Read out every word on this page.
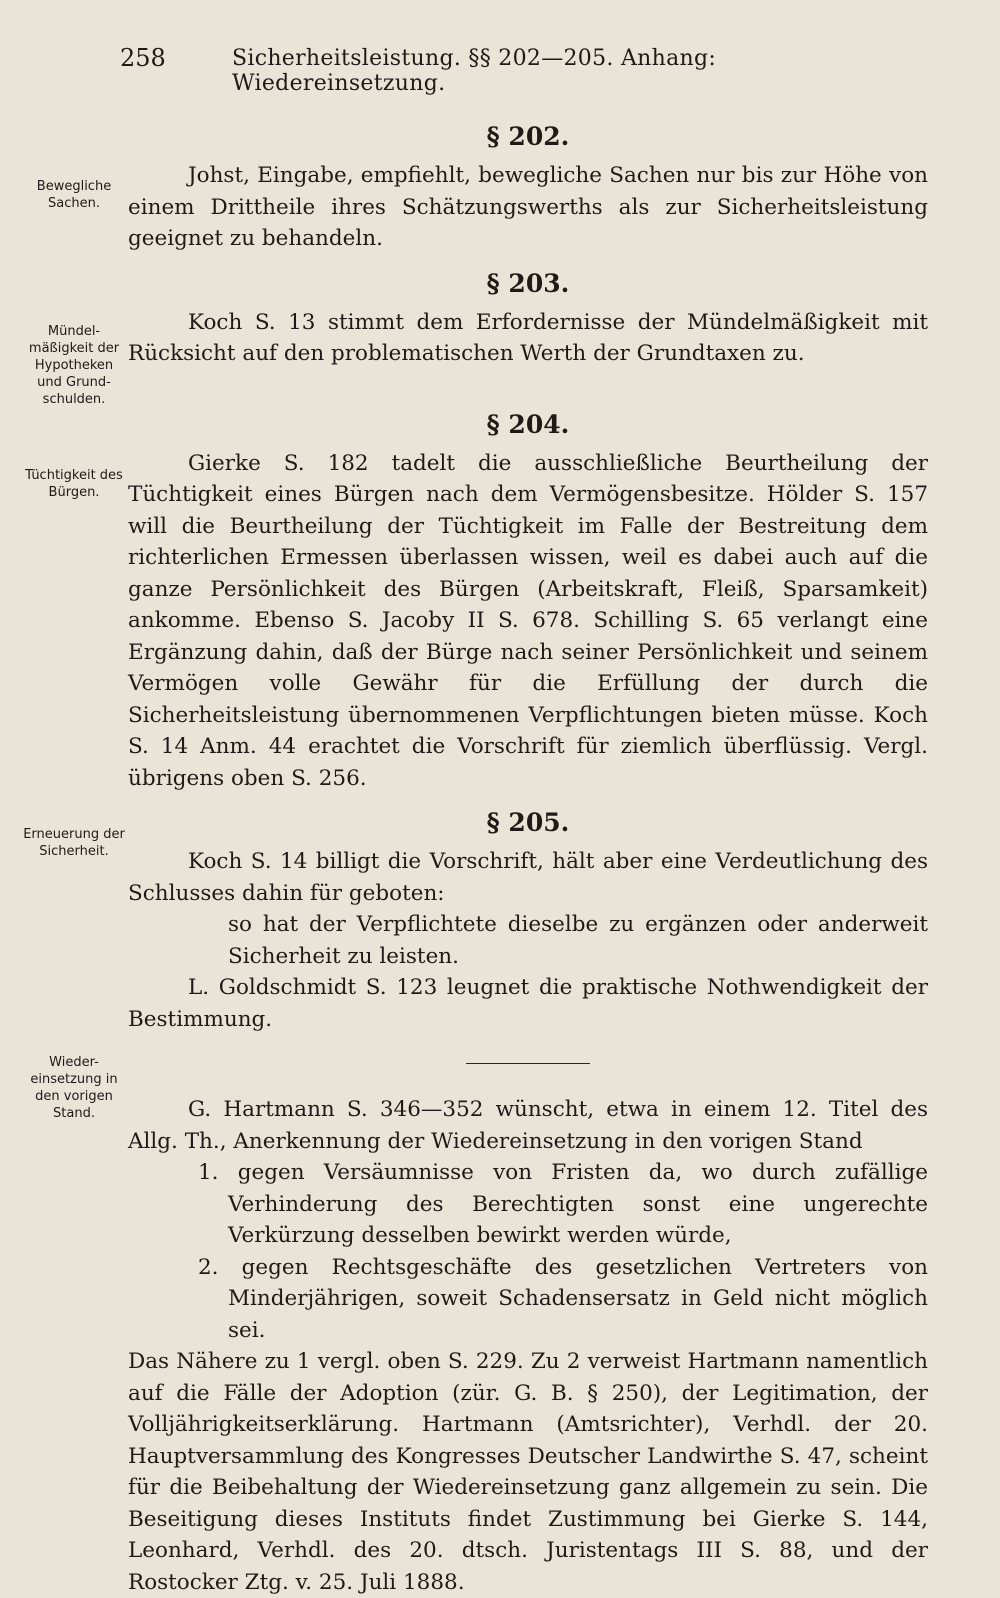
258	Sicherheitsleistung. §§ 202—205. Anhang: Wiedereinsetzung.
Bewegliche Sachen.
Mündel-mäßigkeit der Hypotheken und Grund-schulden.
Tüchtigkeit des Bürgen.
Erneuerung der Sicherheit.
Wieder-einsetzung in den vorigen Stand.
§ 202.

Johst, Eingabe, empfiehlt, bewegliche Sachen nur bis zur Höhe von einem Drittheile ihres Schätzungswerths als zur Sicherheitsleistung geeignet zu behandeln.

§ 203.

Koch S. 13 stimmt dem Erfordernisse der Mündelmäßigkeit mit Rücksicht auf den problematischen Werth der Grundtaxen zu.

§ 204.

Gierke S. 182 tadelt die ausschließliche Beurtheilung der Tüchtigkeit eines Bürgen nach dem Vermögensbesitze. Hölder S. 157 will die Beurtheilung der Tüchtigkeit im Falle der Bestreitung dem richterlichen Ermessen überlassen wissen, weil es dabei auch auf die ganze Persönlichkeit des Bürgen (Arbeitskraft, Fleiß, Sparsamkeit) ankomme. Ebenso S. Jacoby II S. 678. Schilling S. 65 verlangt eine Ergänzung dahin, daß der Bürge nach seiner Persönlichkeit und seinem Vermögen volle Gewähr für die Erfüllung der durch die Sicherheitsleistung übernommenen Verpflichtungen bieten müsse. Koch S. 14 Anm. 44 erachtet die Vorschrift für ziemlich überflüssig. Vergl. übrigens oben S. 256.

§ 205.

Koch S. 14 billigt die Vorschrift, hält aber eine Verdeutlichung des Schlusses dahin für geboten:

so hat der Verpflichtete dieselbe zu ergänzen oder anderweit Sicherheit zu leisten.

L. Goldschmidt S. 123 leugnet die praktische Nothwendigkeit der Bestimmung.

G. Hartmann S. 346—352 wünscht, etwa in einem 12. Titel des Allg. Th., Anerkennung der Wiedereinsetzung in den vorigen Stand

1. gegen Versäumnisse von Fristen da, wo durch zufällige Verhinderung des Berechtigten sonst eine ungerechte Verkürzung desselben bewirkt werden würde,

2. gegen Rechtsgeschäfte des gesetzlichen Vertreters von Minderjährigen, soweit Schadensersatz in Geld nicht möglich sei.

Das Nähere zu 1 vergl. oben S. 229. Zu 2 verweist Hartmann namentlich auf die Fälle der Adoption (zür. G. B. § 250), der Legitimation, der Volljährigkeitserklärung. Hartmann (Amtsrichter), Verhdl. der 20. Hauptversammlung des Kongresses Deutscher Landwirthe S. 47, scheint für die Beibehaltung der Wiedereinsetzung ganz allgemein zu sein. Die Beseitigung dieses Instituts findet Zustimmung bei Gierke S. 144, Leonhard, Verhdl. des 20. dtsch. Juristentags III S. 88, und der Rostocker Ztg. v. 25. Juli 1888.
